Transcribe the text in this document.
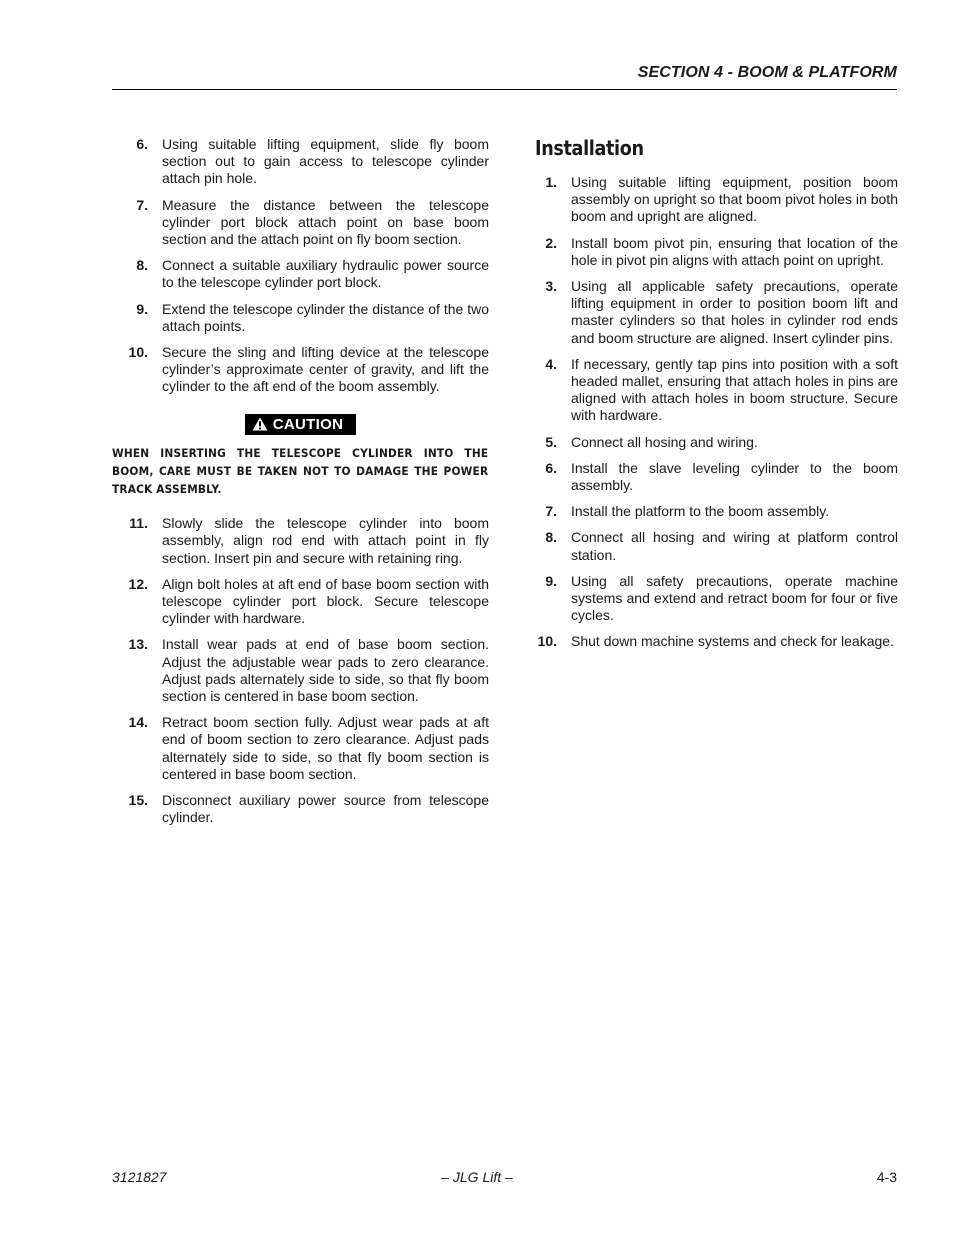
SECTION 4 - BOOM & PLATFORM
6.	Using suitable lifting equipment, slide fly boom section out to gain access to telescope cylinder attach pin hole.
7.	Measure the distance between the telescope cylinder port block attach point on base boom section and the attach point on fly boom section.
8.	Connect a suitable auxiliary hydraulic power source to the telescope cylinder port block.
9.	Extend the telescope cylinder the distance of the two attach points.
10.	Secure the sling and lifting device at the telescope cylinder’s approximate center of gravity, and lift the cylinder to the aft end of the boom assembly.
CAUTION
WHEN INSERTING THE TELESCOPE CYLINDER INTO THE BOOM, CARE MUST BE TAKEN NOT TO DAMAGE THE POWER TRACK ASSEMBLY.
11.	Slowly slide the telescope cylinder into boom assembly, align rod end with attach point in fly section. Insert pin and secure with retaining ring.
12.	Align bolt holes at aft end of base boom section with telescope cylinder port block. Secure telescope cylinder with hardware.
13.	Install wear pads at end of base boom section. Adjust the adjustable wear pads to zero clearance. Adjust pads alternately side to side, so that fly boom section is centered in base boom section.
14.	Retract boom section fully. Adjust wear pads at aft end of boom section to zero clearance. Adjust pads alternately side to side, so that fly boom section is centered in base boom section.
15.	Disconnect auxiliary power source from telescope cylinder.
Installation
1.	Using suitable lifting equipment, position boom assembly on upright so that boom pivot holes in both boom and upright are aligned.
2.	Install boom pivot pin, ensuring that location of the hole in pivot pin aligns with attach point on upright.
3.	Using all applicable safety precautions, operate lifting equipment in order to position boom lift and master cylinders so that holes in cylinder rod ends and boom structure are aligned. Insert cylinder pins.
4.	If necessary, gently tap pins into position with a soft headed mallet, ensuring that attach holes in pins are aligned with attach holes in boom structure. Secure with hardware.
5.	Connect all hosing and wiring.
6.	Install the slave leveling cylinder to the boom assembly.
7.	Install the platform to the boom assembly.
8.	Connect all hosing and wiring at platform control station.
9.	Using all safety precautions, operate machine systems and extend and retract boom for four or five cycles.
10.	Shut down machine systems and check for leakage.
3121827	– JLG Lift –	4-3
